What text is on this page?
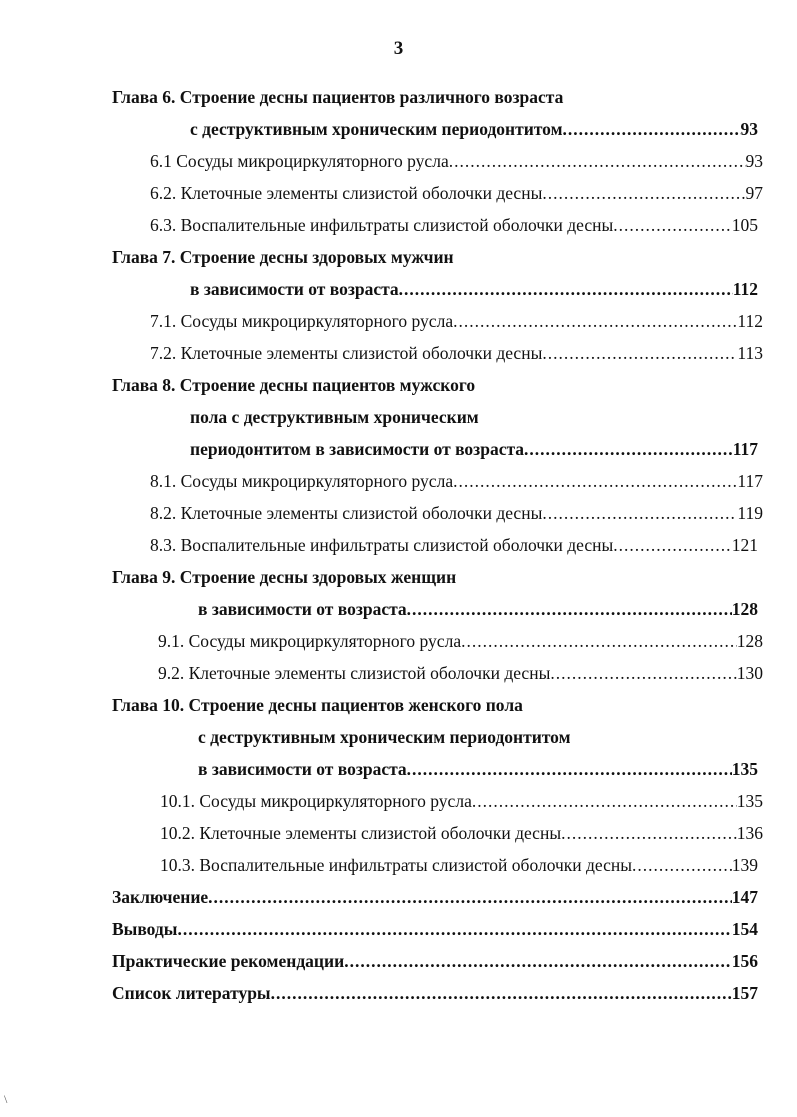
3
Глава 6. Строение десны пациентов различного возраста
с деструктивным хроническим периодонтитом .....	93
6.1 Сосуды микроциркуляторного русла .....	93
6.2. Клеточные элементы слизистой оболочки десны .....	97
6.3. Воспалительные инфильтраты слизистой оболочки десны .....	105
Глава 7. Строение десны здоровых мужчин
в зависимости от возраста .....	112
7.1. Сосуды микроциркуляторного русла .....	112
7.2. Клеточные элементы слизистой оболочки десны .....	113
Глава 8. Строение десны пациентов мужского
пола с деструктивным хроническим
периодонтитом в зависимости от возраста .....	117
8.1. Сосуды микроциркуляторного русла .....	117
8.2. Клеточные элементы слизистой оболочки десны .....	119
8.3. Воспалительные инфильтраты слизистой оболочки десны .....	121
Глава 9. Строение десны здоровых женщин
в зависимости от возраста .....	128
9.1. Сосуды микроциркуляторного русла .....	128
9.2. Клеточные элементы слизистой оболочки десны .....	130
Глава 10. Строение десны пациентов женского пола
с деструктивным хроническим периодонтитом
в зависимости от возраста .....	135
10.1. Сосуды микроциркуляторного русла .....	135
10.2. Клеточные элементы слизистой оболочки десны .....	136
10.3. Воспалительные инфильтраты слизистой оболочки десны .....	139
Заключение .....	147
Выводы .....	154
Практические рекомендации .....	156
Список литературы .....	157
\
